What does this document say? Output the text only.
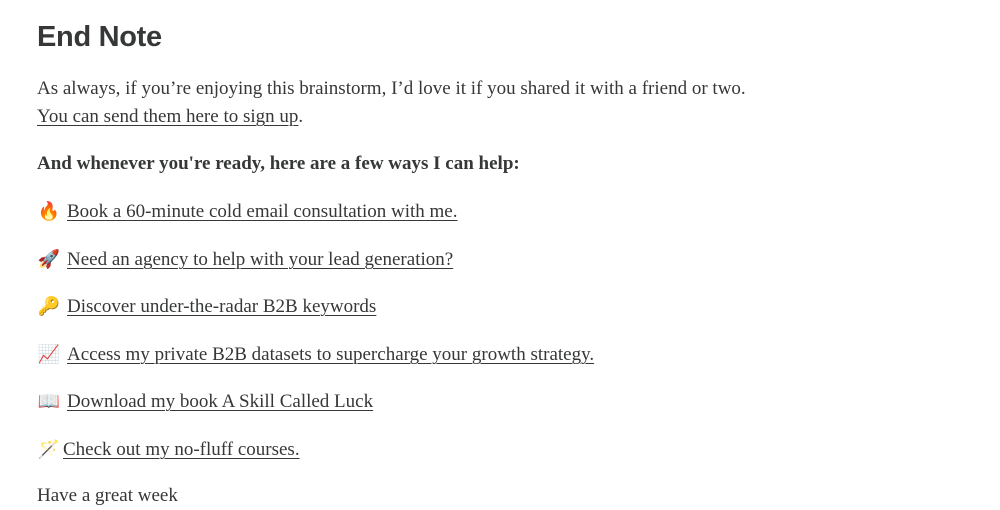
End Note

As always, if you’re enjoying this brainstorm, I’d love it if you shared it with a friend or two. You can send them here to sign up.

And whenever you're ready, here are a few ways I can help:

🔥 Book a 60-minute cold email consultation with me.
🚀 Need an agency to help with your lead generation?
🔑 Discover under-the-radar B2B keywords
📈 Access my private B2B datasets to supercharge your growth strategy.
📖 Download my book A Skill Called Luck
🪄 Check out my no-fluff courses.
Have a great week
